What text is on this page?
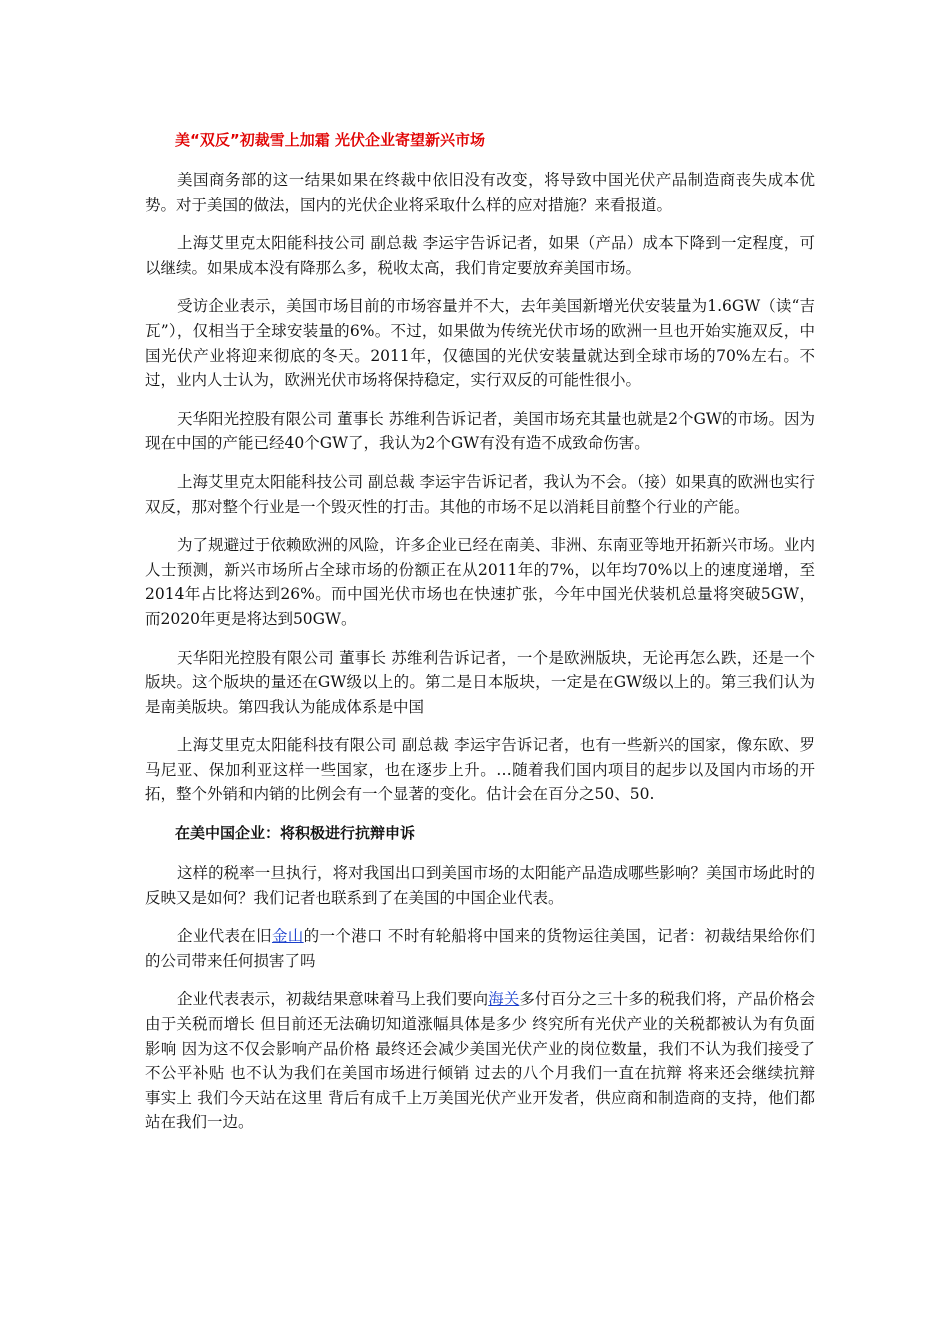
美“双反”初裁雪上加霜 光伏企业寄望新兴市场

美国商务部的这一结果如果在终裁中依旧没有改变，将导致中国光伏产品制造商丧失成本优势。对于美国的做法，国内的光伏企业将采取什么样的应对措施？来看报道。

上海艾里克太阳能科技公司 副总裁 李运宇告诉记者，如果（产品）成本下降到一定程度，可以继续。如果成本没有降那么多，税收太高，我们肯定要放弃美国市场。

受访企业表示，美国市场目前的市场容量并不大，去年美国新增光伏安装量为1.6GW（读“吉瓦”），仅相当于全球安装量的6%。不过，如果做为传统光伏市场的欧洲一旦也开始实施双反，中国光伏产业将迎来彻底的冬天。2011年，仅德国的光伏安装量就达到全球市场的70%左右。不过，业内人士认为，欧洲光伏市场将保持稳定，实行双反的可能性很小。

天华阳光控股有限公司 董事长 苏维利告诉记者，美国市场充其量也就是2个GW的市场。因为现在中国的产能已经40个GW了，我认为2个GW有没有造不成致命伤害。

上海艾里克太阳能科技公司 副总裁 李运宇告诉记者，我认为不会。（接）如果真的欧洲也实行双反，那对整个行业是一个毁灭性的打击。其他的市场不足以消耗目前整个行业的产能。

为了规避过于依赖欧洲的风险，许多企业已经在南美、非洲、东南亚等地开拓新兴市场。业内人士预测，新兴市场所占全球市场的份额正在从2011年的7%，以年均70%以上的速度递增，至2014年占比将达到26%。而中国光伏市场也在快速扩张，今年中国光伏装机总量将突破5GW，而2020年更是将达到50GW。

天华阳光控股有限公司 董事长 苏维利告诉记者，一个是欧洲版块，无论再怎么跌，还是一个版块。这个版块的量还在GW级以上的。第二是日本版块，一定是在GW级以上的。第三我们认为是南美版块。第四我认为能成体系是中国

上海艾里克太阳能科技有限公司 副总裁 李运宇告诉记者，也有一些新兴的国家，像东欧、罗马尼亚、保加利亚这样一些国家，也在逐步上升。…随着我们国内项目的起步以及国内市场的开拓，整个外销和内销的比例会有一个显著的变化。估计会在百分之50、50.

在美中国企业：将积极进行抗辩申诉

这样的税率一旦执行，将对我国出口到美国市场的太阳能产品造成哪些影响？美国市场此时的反映又是如何？我们记者也联系到了在美国的中国企业代表。

企业代表在旧金山的一个港口 不时有轮船将中国来的货物运往美国，记者：初裁结果给你们的公司带来任何损害了吗

企业代表表示，初裁结果意味着马上我们要向海关多付百分之三十多的税我们将，产品价格会由于关税而增长 但目前还无法确切知道涨幅具体是多少 终究所有光伏产业的关税都被认为有负面影响 因为这不仅会影响产品价格 最终还会减少美国光伏产业的岗位数量，我们不认为我们接受了不公平补贴 也不认为我们在美国市场进行倾销 过去的八个月我们一直在抗辩 将来还会继续抗辩 事实上 我们今天站在这里 背后有成千上万美国光伏产业开发者，供应商和制造商的支持，他们都站在我们一边。
